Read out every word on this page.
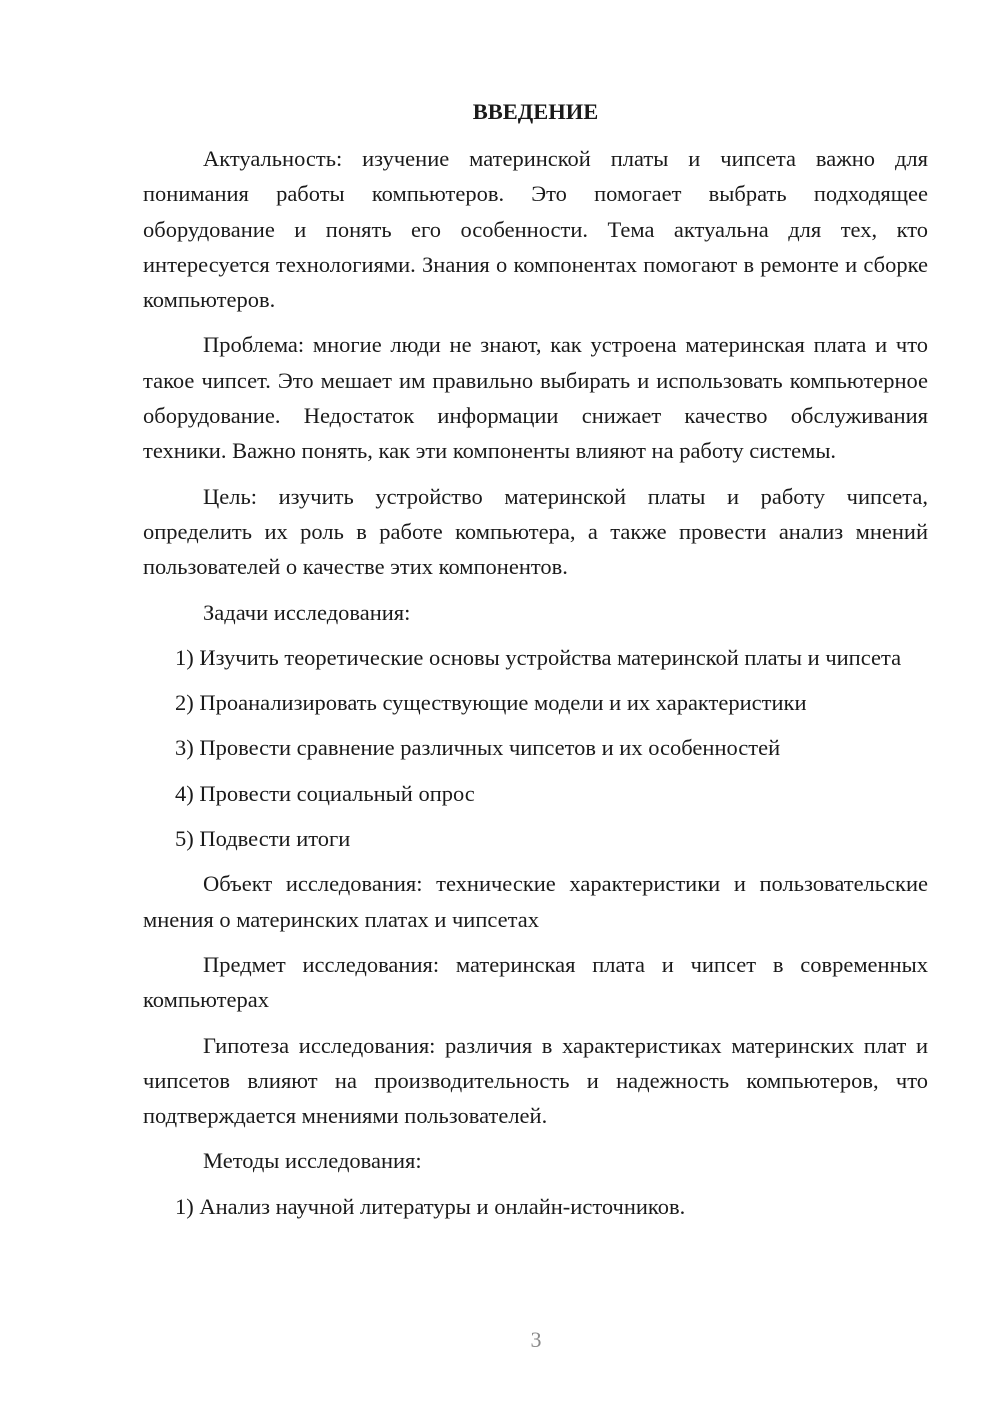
ВВЕДЕНИЕ

Актуальность: изучение материнской платы и чипсета важно для понимания работы компьютеров. Это помогает выбрать подходящее оборудование и понять его особенности. Тема актуальна для тех, кто интересуется технологиями. Знания о компонентах помогают в ремонте и сборке компьютеров.

Проблема: многие люди не знают, как устроена материнская плата и что такое чипсет. Это мешает им правильно выбирать и использовать компьютерное оборудование. Недостаток информации снижает качество обслуживания техники. Важно понять, как эти компоненты влияют на работу системы.

Цель: изучить устройство материнской платы и работу чипсета, определить их роль в работе компьютера, а также провести анализ мнений пользователей о качестве этих компонентов.

Задачи исследования:

1) Изучить теоретические основы устройства материнской платы и чипсета

2) Проанализировать существующие модели и их характеристики

3) Провести сравнение различных чипсетов и их особенностей

4) Провести социальный опрос

5) Подвести итоги

Объект исследования: технические характеристики и пользовательские мнения о материнских платах и чипсетах

Предмет исследования: материнская плата и чипсет в современных компьютерах

Гипотеза исследования: различия в характеристиках материнских плат и чипсетов влияют на производительность и надежность компьютеров, что подтверждается мнениями пользователей.

Методы исследования:

1) Анализ научной литературы и онлайн-источников.

3
